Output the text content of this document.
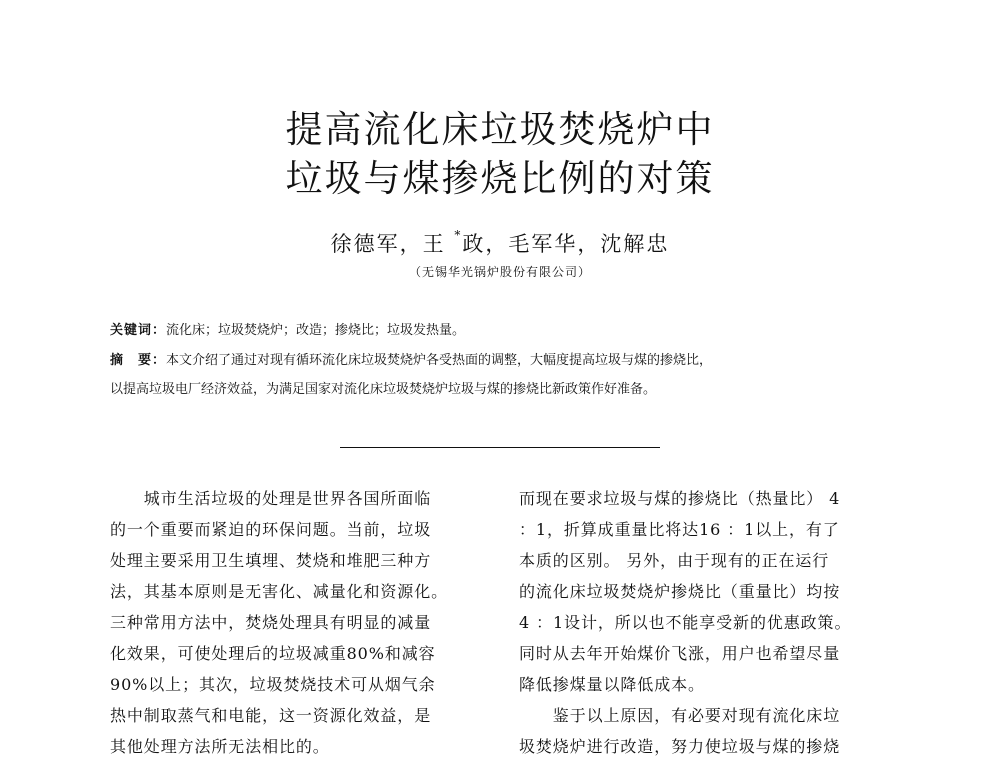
提高流化床垃圾焚烧炉中
垃圾与煤掺烧比例的对策
徐德军，王 *政，毛军华，沈解忠
（无锡华光锅炉股份有限公司）

关键词：流化床；垃圾焚烧炉；改造；掺烧比；垃圾发热量。

摘　要：本文介绍了通过对现有循环流化床垃圾焚烧炉各受热面的调整，大幅度提高垃圾与煤的掺烧比，

以提高垃圾电厂经济效益，为满足国家对流化床垃圾焚烧炉垃圾与煤的掺烧比新政策作好准备。

　　城市生活垃圾的处理是世界各国所面临

的一个重要而紧迫的环保问题。当前，垃圾

处理主要采用卫生填埋、焚烧和堆肥三种方

法，其基本原则是无害化、减量化和资源化。

三种常用方法中，焚烧处理具有明显的减量

化效果，可使处理后的垃圾减重80%和减容

90%以上；其次，垃圾焚烧技术可从烟气余

热中制取蒸气和电能，这一资源化效益，是

其他处理方法所无法相比的。

而现在要求垃圾与煤的掺烧比（热量比） 4

：1，折算成重量比将达16 ：1以上，有了

本质的区别。 另外，由于现有的正在运行

的流化床垃圾焚烧炉掺烧比（重量比）均按

4 ：1设计，所以也不能享受新的优惠政策。

同时从去年开始煤价飞涨，用户也希望尽量

降低掺煤量以降低成本。

　　鉴于以上原因，有必要对现有流化床垃

圾焚烧炉进行改造，努力使垃圾与煤的掺烧
